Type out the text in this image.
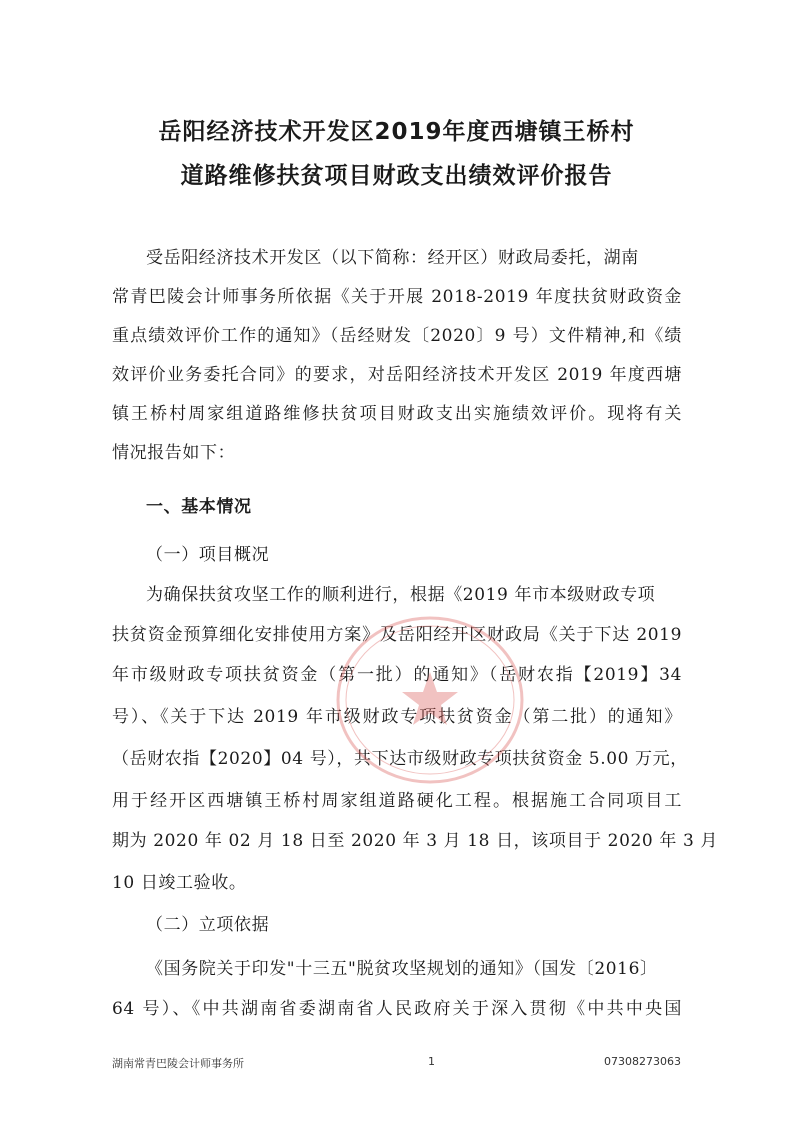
岳阳经济技术开发区2019年度西塘镇王桥村
道路维修扶贫项目财政支出绩效评价报告
受岳阳经济技术开发区（以下简称：经开区）财政局委托，湖南
常青巴陵会计师事务所依据《关于开展 2018-2019 年度扶贫财政资金
重点绩效评价工作的通知》（岳经财发〔2020〕9 号）文件精神,和《绩
效评价业务委托合同》的要求，对岳阳经济技术开发区 2019 年度西塘
镇王桥村周家组道路维修扶贫项目财政支出实施绩效评价。现将有关
情况报告如下：
一、基本情况
（一）项目概况
为确保扶贫攻坚工作的顺利进行，根据《2019 年市本级财政专项
扶贫资金预算细化安排使用方案》及岳阳经开区财政局《关于下达 2019
年市级财政专项扶贫资金（第一批）的通知》（岳财农指【2019】34
号）、《关于下达 2019 年市级财政专项扶贫资金（第二批）的通知》
（岳财农指【2020】04 号），共下达市级财政专项扶贫资金 5.00 万元，
用于经开区西塘镇王桥村周家组道路硬化工程。根据施工合同项目工
期为 2020 年 02 月 18 日至 2020 年 3 月 18 日，该项目于 2020 年 3 月
10 日竣工验收。
（二）立项依据
《国务院关于印发"十三五"脱贫攻坚规划的通知》（国发〔2016〕
64 号）、《中共湖南省委湖南省人民政府关于深入贯彻《中共中央国
湖南常青巴陵会计师事务所	1	07308273063
